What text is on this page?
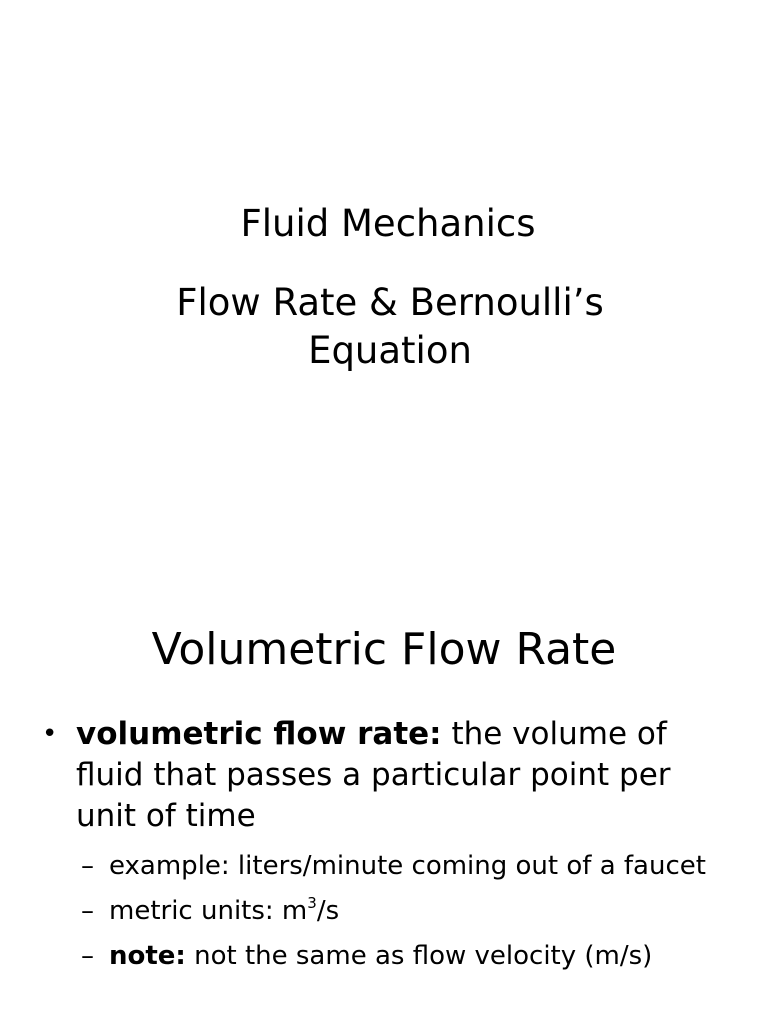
Fluid Mechanics
Flow Rate & Bernoulli’s
Equation
Volumetric Flow Rate
• volumetric flow rate: the volume of fluid that passes a particular point per unit of time
– example: liters/minute coming out of a faucet
– metric units: $m^3/s$
– note: not the same as flow velocity (m/s)
